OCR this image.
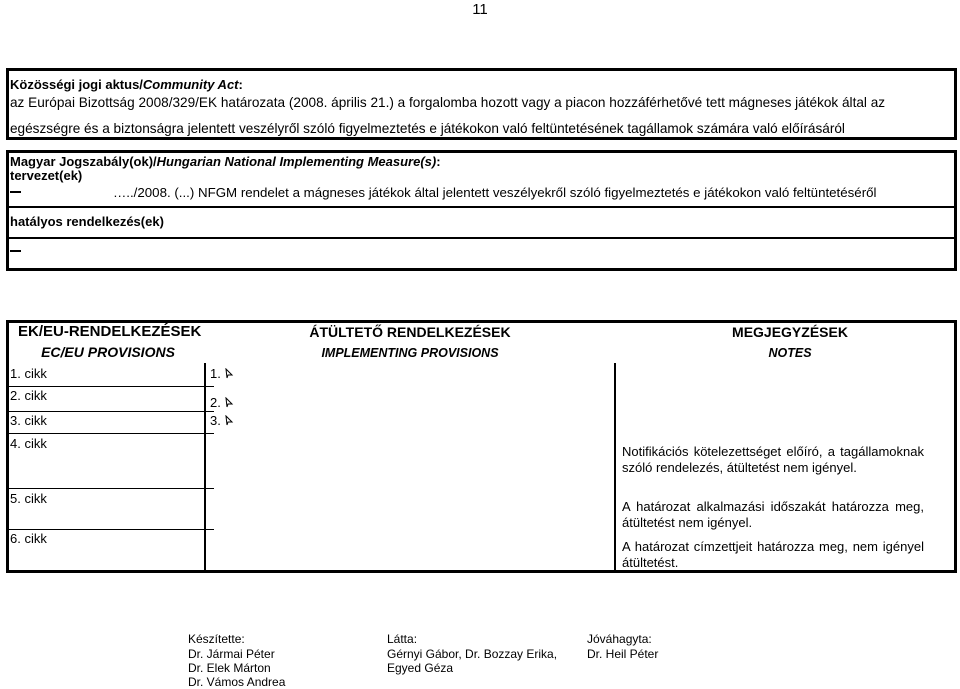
11
Közösségi jogi aktus/Community Act:
az Európai Bizottság 2008/329/EK határozata (2008. április 21.) a forgalomba hozott vagy a piacon hozzáférhetővé tett mágneses játékok által az
egészségre és a biztonságra jelentett veszélyről szóló figyelmeztetés e játékokon való feltüntetésének tagállamok számára való előírásáról
Magyar Jogszabály(ok)/Hungarian National Implementing Measure(s):
tervezet(ek)
…../2008. (...) NFGM rendelet a mágneses játékok által jelentett veszélyekről szóló figyelmeztetés e játékokon való feltüntetéséről
hatályos rendelkezés(ek)
EK/EU-RENDELKEZÉSEK
EC/EU PROVISIONS
ÁTÜLTETŐ RENDELKEZÉSEK
IMPLEMENTING PROVISIONS
MEGJEGYZÉSEK
NOTES
1. cikk
2. cikk
3. cikk
4. cikk
5. cikk
6. cikk
1.
2.
3.
Notifikációs kötelezettséget előíró, a tagállamoknak szóló rendelezés, átültetést nem igényel.
A határozat alkalmazási időszakát határozza meg, átültetést nem igényel.
A határozat címzettjeit határozza meg, nem igényel átültetést.
Készítette:
Dr. Jármai Péter
Dr. Elek Márton
Dr. Vámos Andrea
Látta:
Gérnyi Gábor, Dr. Bozzay Erika,
Egyed Géza
Jóváhagyta:
Dr. Heil Péter
